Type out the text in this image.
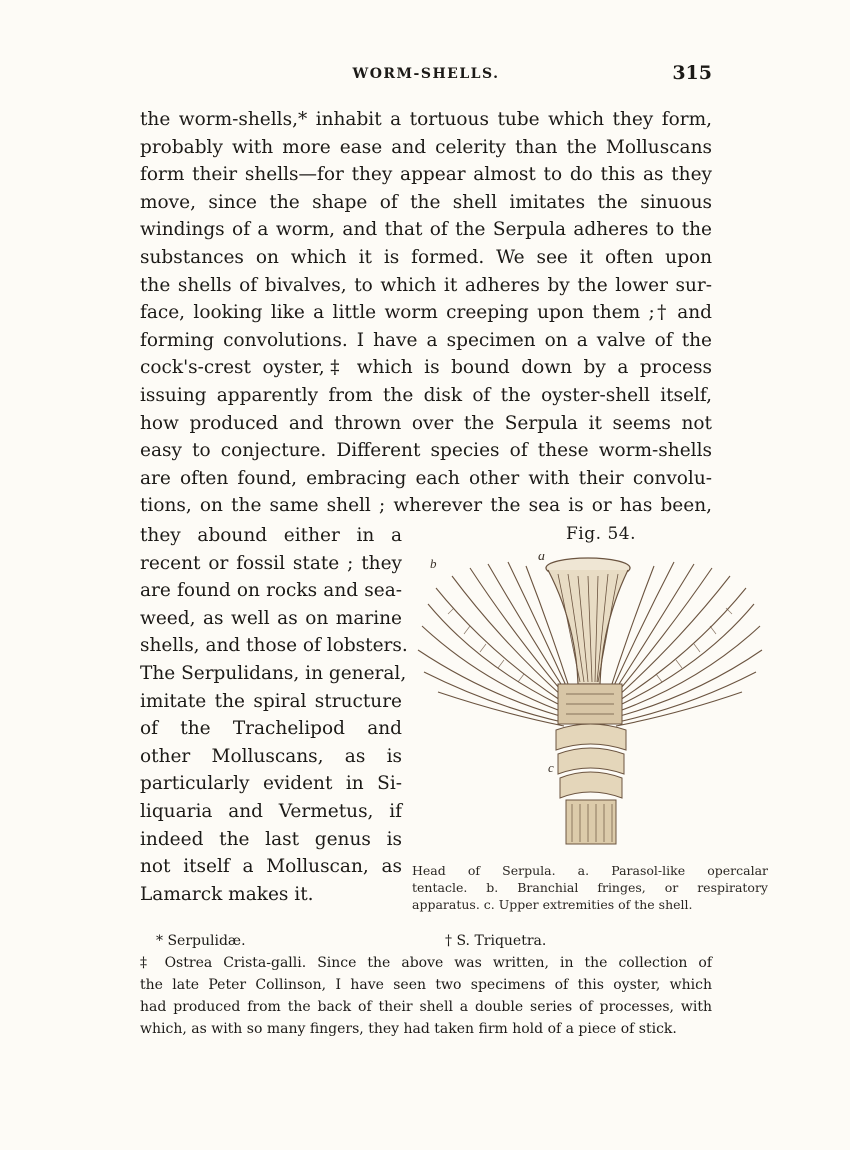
WORM-SHELLS.	315
the worm-shells,* inhabit a tortuous tube which they form,
probably with more ease and celerity than the Molluscans
form their shells—for they appear almost to do this as they
move, since the shape of the shell imitates the sinuous
windings of a worm, and that of the Serpula adheres to the
substances on which it is formed. We see it often upon
the shells of bivalves, to which it adheres by the lower sur-
face, looking like a little worm creeping upon them ;† and
forming convolutions. I have a specimen on a valve of the
cock's-crest oyster,‡ which is bound down by a process
issuing apparently from the disk of the oyster-shell itself,
how produced and thrown over the Serpula it seems not
easy to conjecture. Different species of these worm-shells
are often found, embracing each other with their convolu-
tions, on the same shell ; wherever the sea is or has been,
they abound either in a
recent or fossil state ; they
are found on rocks and sea-
weed, as well as on marine
shells, and those of lobsters.
The Serpulidans, in general,
imitate the spiral structure
of the Trachelipod and
other Molluscans, as is
particularly evident in Si-
liquaria and Vermetus, if
indeed the last genus is
not itself a Molluscan, as
Lamarck makes it.
Fig. 54.
b	a
c
Head of Serpula. a. Parasol-like opercalar
tentacle. b. Branchial fringes, or respiratory
apparatus. c. Upper extremities of the shell.
* Serpulidæ.	† S. Triquetra.
‡ Ostrea Crista-galli. Since the above was written, in the collection of
the late Peter Collinson, I have seen two specimens of this oyster, which
had produced from the back of their shell a double series of processes, with
which, as with so many fingers, they had taken firm hold of a piece of stick.
